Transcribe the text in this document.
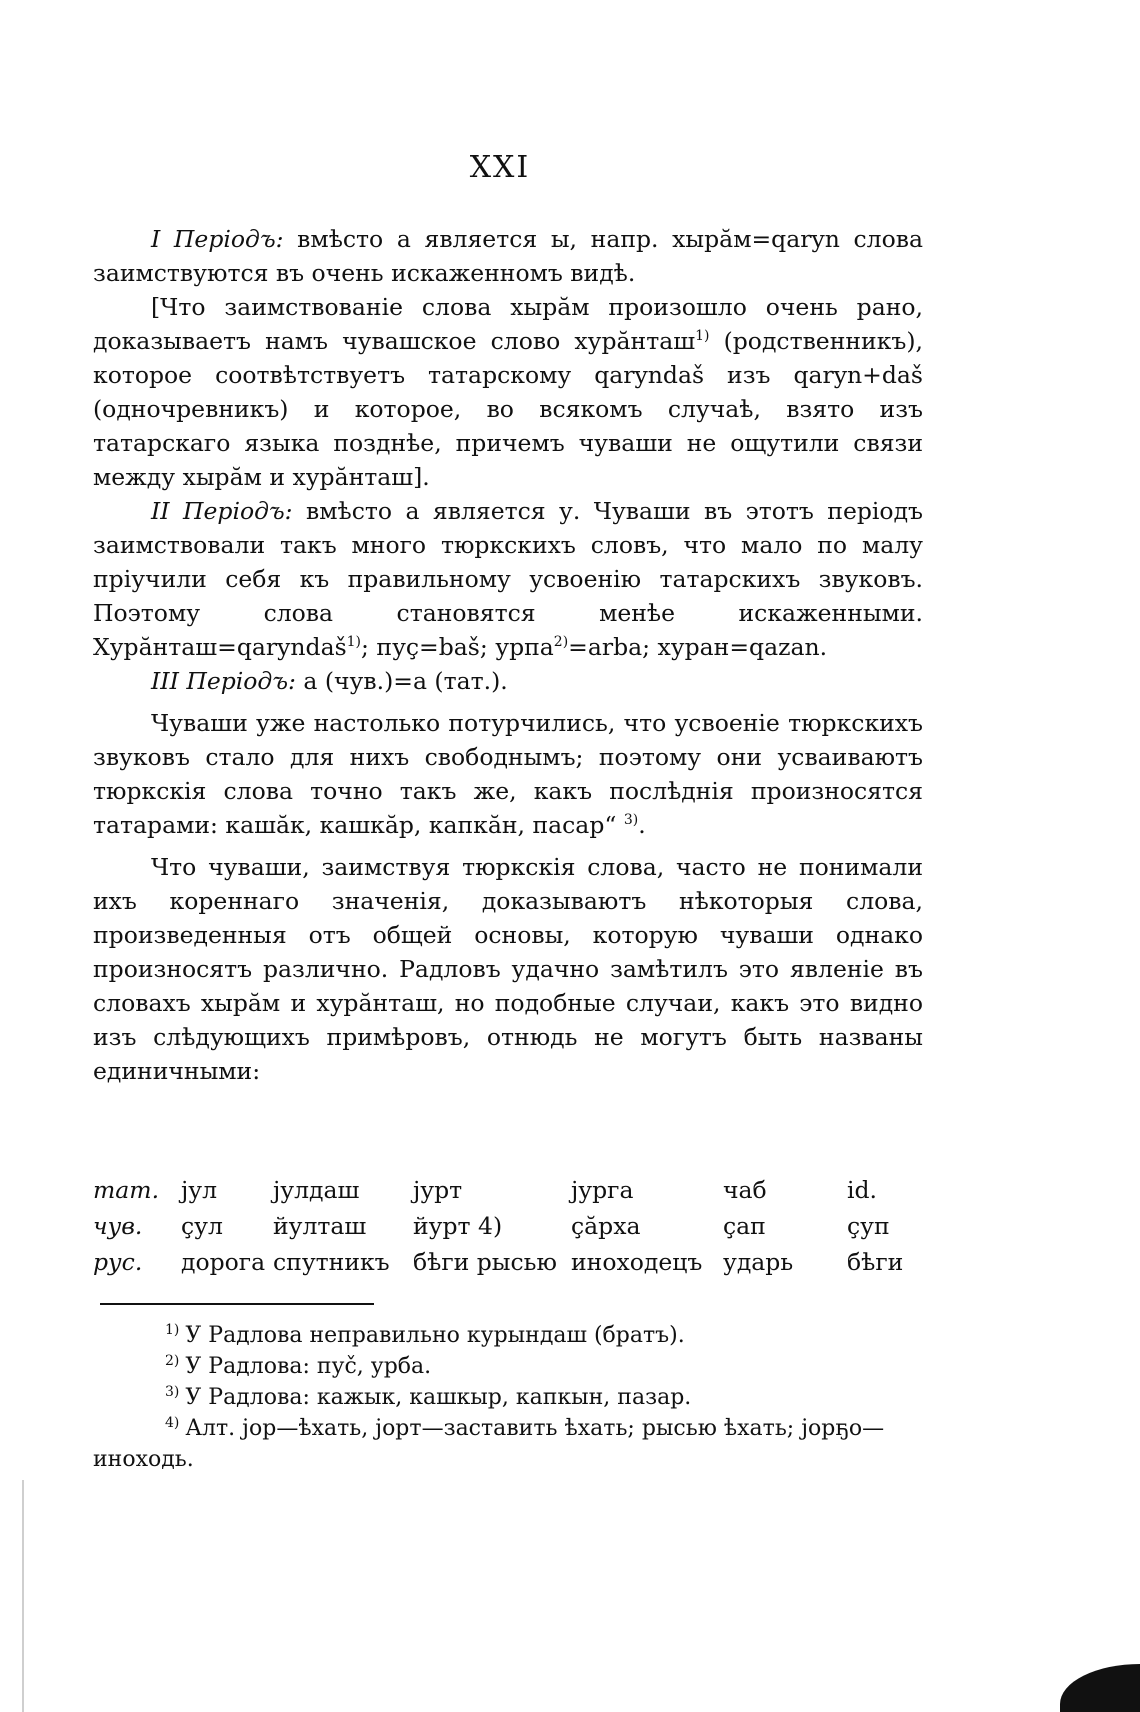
XXI

I Періодъ: вмѣсто а является ы, напр. хырӑм=qaryn слова заимствуются въ очень искаженномъ видѣ.

[Что заимствованіе слова хырӑм произошло очень рано, доказываетъ намъ чувашское слово хурӑнташ$^{1)}$ (родственникъ), которое соотвѣтствуетъ татарскому qaryndaš изъ qaryn+daš (одночревникъ) и которое, во всякомъ случаѣ, взято изъ татарскаго языка позднѣе, причемъ чуваши не ощутили связи между хырӑм и хурӑнташ].

II Періодъ: вмѣсто а является у. Чуваши въ этотъ періодъ заимствовали такъ много тюркскихъ словъ, что мало по малу пріучили себя къ правильному усвоенію татарскихъ звуковъ. Поэтому слова становятся менѣе искаженными. Хурӑнташ=qaryndaš$^{1)}$; пуç=baš; урпа$^{2)}$=arba; хуран=qazan.

III Періодъ: а (чув.)=а (тат.).

Чуваши уже настолько потурчились, что усвоеніе тюркскихъ звуковъ стало для нихъ свободнымъ; поэтому они усваиваютъ тюркскія слова точно такъ же, какъ послѣднія произносятся татарами: кашӑк, кашкӑр, капкӑн, пасар“ $^{3)}$.

Что чуваши, заимствуя тюркскія слова, часто не понимали ихъ кореннаго значенія, доказываютъ нѣкоторыя слова, произведенныя отъ общей основы, которую чуваши однако произносятъ различно. Радловъ удачно замѣтилъ это явленіе въ словахъ хырӑм и хурӑнташ, но подобные случаи, какъ это видно изъ слѣдующихъ примѣровъ, отнюдь не могутъ быть названы единичными:

тат.	jул	jулдаш	jурт	jурга	чаб	id.
чув.	çул	йулташ	йурт 4)	çӑрха	çап	ҫуп
рус.	дорога	спутникъ	бѣги рысью	иноходецъ	ударь	бѣги

$^{1)}$ У Радлова неправильно курындаш (братъ).

$^{2)}$ У Радлова: пуč, урба.

$^{3)}$ У Радлова: кажык, кашкыр, капкын, пазар.

$^{4)}$ Алт. jор—ѣхать, jорт—заставить ѣхать; рысью ѣхать; jорҕо—иноходь.
